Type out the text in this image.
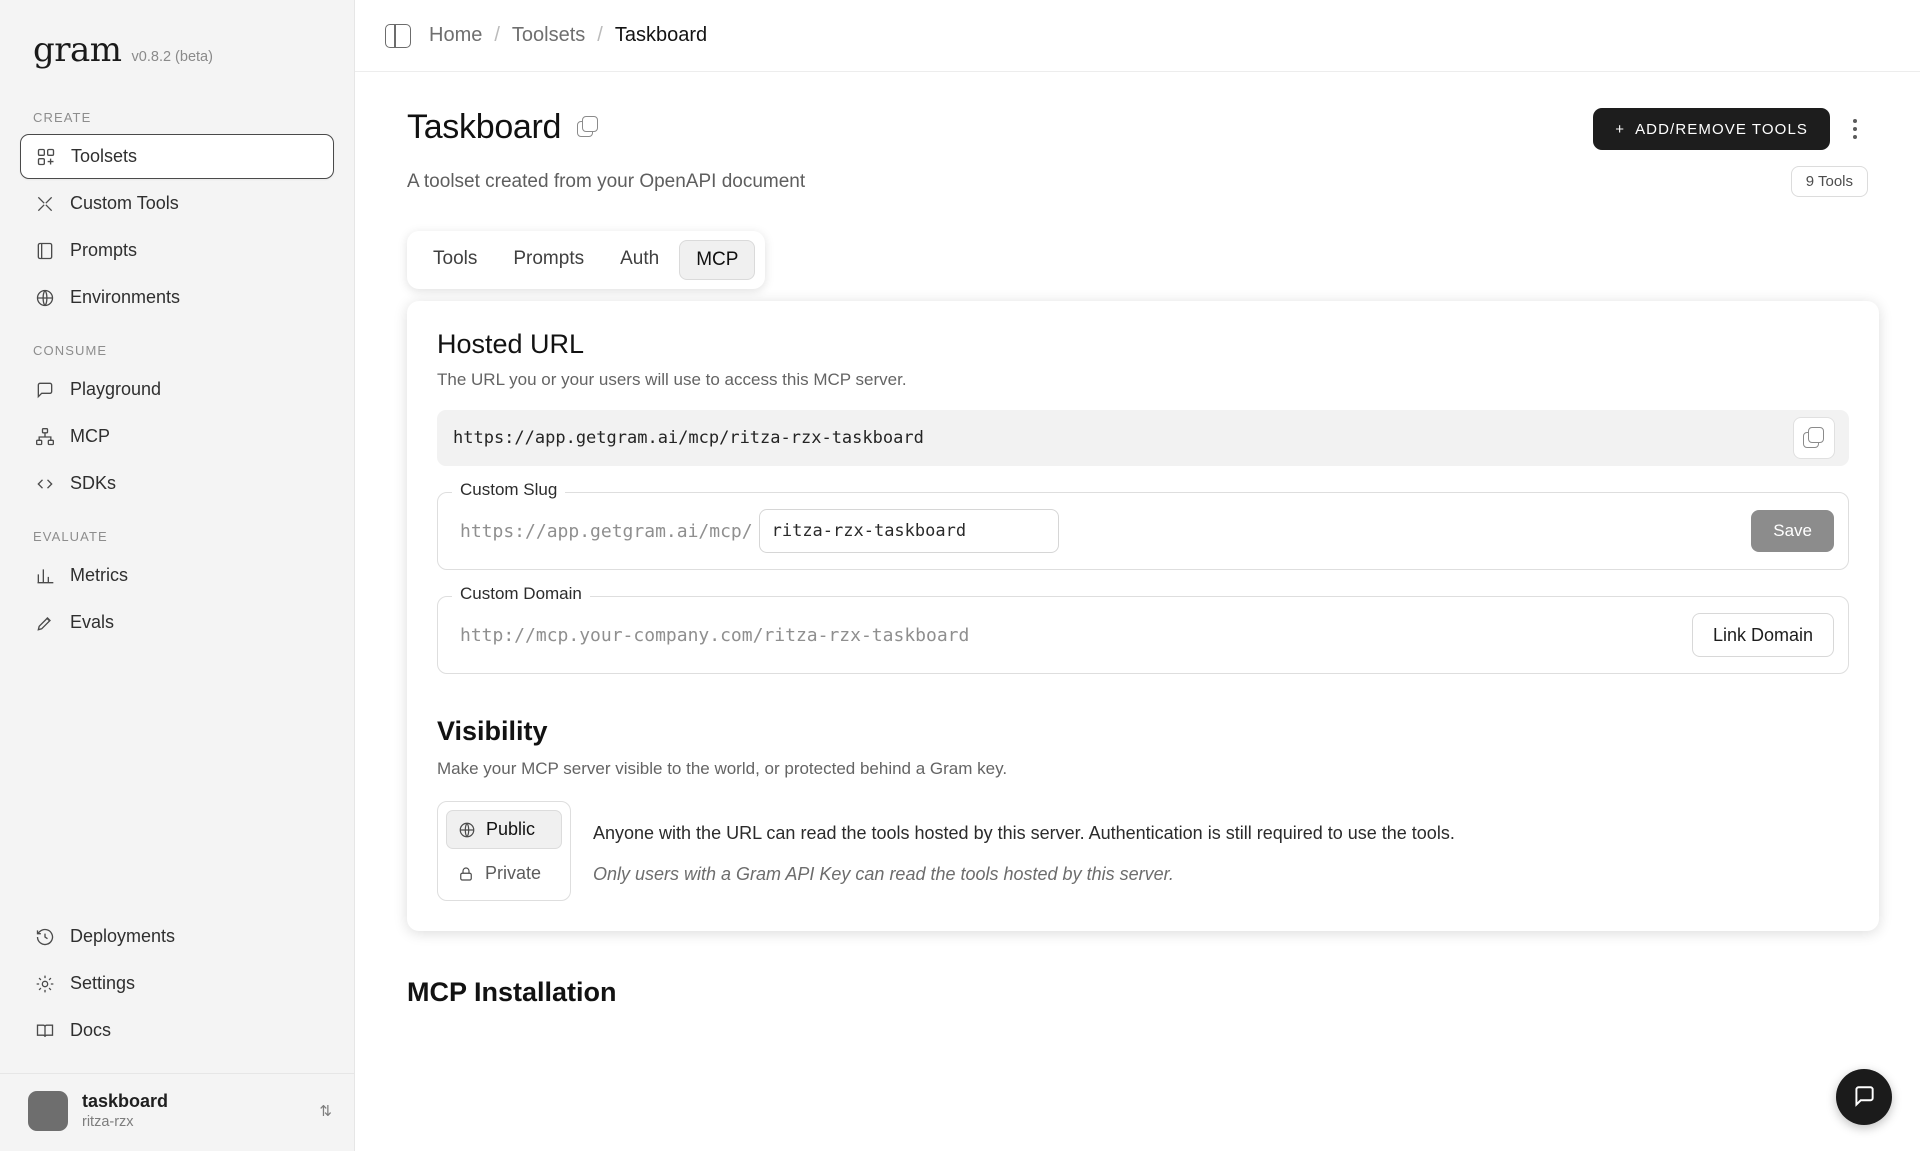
gram v0.8.2 (beta)
CREATE
Toolsets
Custom Tools
Prompts
Environments
CONSUME
Playground
MCP
SDKs
EVALUATE
Metrics
Evals
Deployments
Settings
Docs
taskboard
ritza-rzx
⇅
Home / Toolsets / Taskboard
Taskboard	+ ADD/REMOVE TOOLS
A toolset created from your OpenAPI document	9 Tools
Tools	Prompts	Auth	MCP
Hosted URL

The URL you or your users will use to access this MCP server.

https://app.getgram.ai/mcp/ritza-rzx-taskboard
Custom Slug
https://app.getgram.ai/mcp/
ritza-rzx-taskboard	Save
Custom Domain
http://mcp.your-company.com/ ritza-rzx-taskboard	Link Domain
Visibility

Make your MCP server visible to the world, or protected behind a Gram key.

Public
Private
Anyone with the URL can read the tools hosted by this server. Authentication is still required to use the tools.
Only users with a Gram API Key can read the tools hosted by this server.
MCP Installation
